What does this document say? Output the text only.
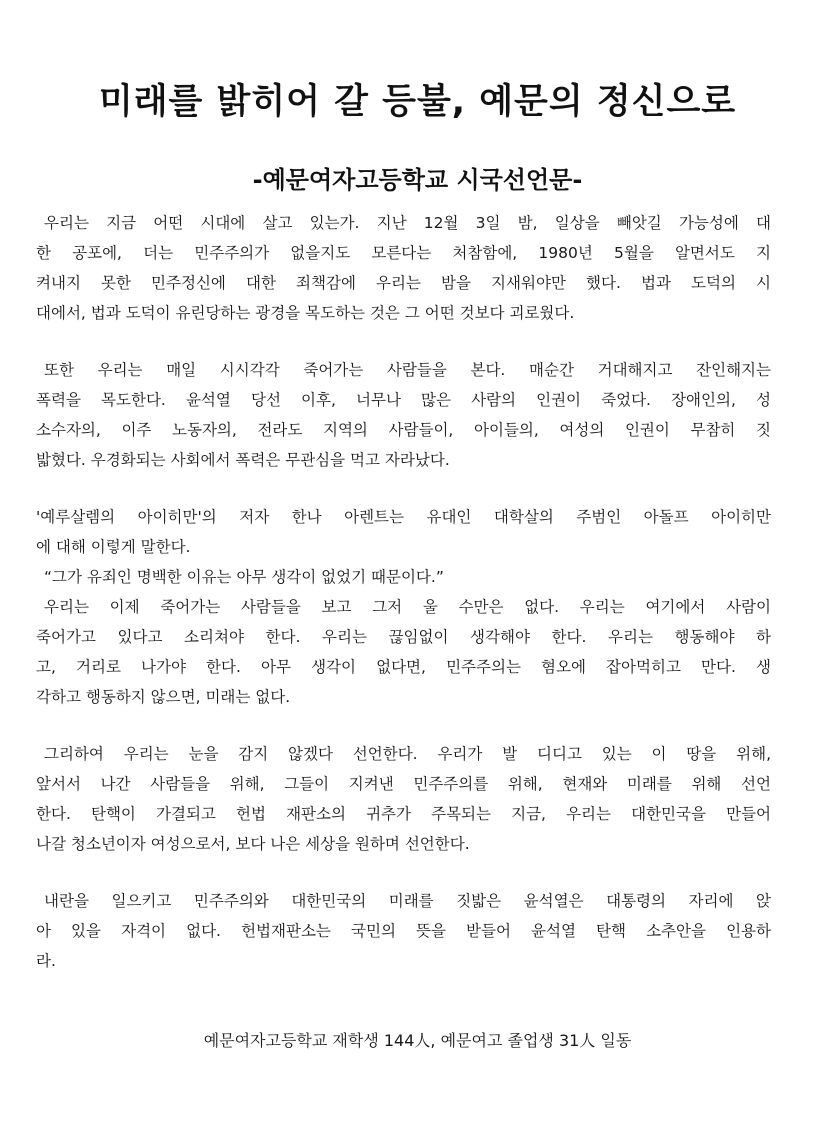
미래를 밝히어 갈 등불, 예문의 정신으로
-예문여자고등학교 시국선언문-
우리는 지금 어떤 시대에 살고 있는가. 지난 12월 3일 밤, 일상을 빼앗길 가능성에 대
한 공포에, 더는 민주주의가 없을지도 모른다는 처참함에, 1980년 5월을 알면서도 지
켜내지 못한 민주정신에 대한 죄책감에 우리는 밤을 지새워야만 했다. 법과 도덕의 시
대에서, 법과 도덕이 유린당하는 광경을 목도하는 것은 그 어떤 것보다 괴로웠다.
또한 우리는 매일 시시각각 죽어가는 사람들을 본다. 매순간 거대해지고 잔인해지는
폭력을 목도한다. 윤석열 당선 이후, 너무나 많은 사람의 인권이 죽었다. 장애인의, 성
소수자의, 이주 노동자의, 전라도 지역의 사람들이, 아이들의, 여성의 인권이 무참히 짓
밟혔다. 우경화되는 사회에서 폭력은 무관심을 먹고 자라났다.
'예루살렘의 아이히만'의 저자 한나 아렌트는 유대인 대학살의 주범인 아돌프 아이히만
에 대해 이렇게 말한다.
“그가 유죄인 명백한 이유는 아무 생각이 없었기 때문이다.”
우리는 이제 죽어가는 사람들을 보고 그저 울 수만은 없다. 우리는 여기에서 사람이
죽어가고 있다고 소리쳐야 한다. 우리는 끊임없이 생각해야 한다. 우리는 행동해야 하
고, 거리로 나가야 한다. 아무 생각이 없다면, 민주주의는 혐오에 잡아먹히고 만다. 생
각하고 행동하지 않으면, 미래는 없다.
그리하여 우리는 눈을 감지 않겠다 선언한다. 우리가 발 디디고 있는 이 땅을 위해,
앞서서 나간 사람들을 위해, 그들이 지켜낸 민주주의를 위해, 현재와 미래를 위해 선언
한다. 탄핵이 가결되고 헌법 재판소의 귀추가 주목되는 지금, 우리는 대한민국을 만들어
나갈 청소년이자 여성으로서, 보다 나은 세상을 원하며 선언한다.
내란을 일으키고 민주주의와 대한민국의 미래를 짓밟은 윤석열은 대통령의 자리에 앉
아 있을 자격이 없다. 헌법재판소는 국민의 뜻을 받들어 윤석열 탄핵 소추안을 인용하
라.
예문여자고등학교 재학생 144人, 예문여고 졸업생 31人 일동
